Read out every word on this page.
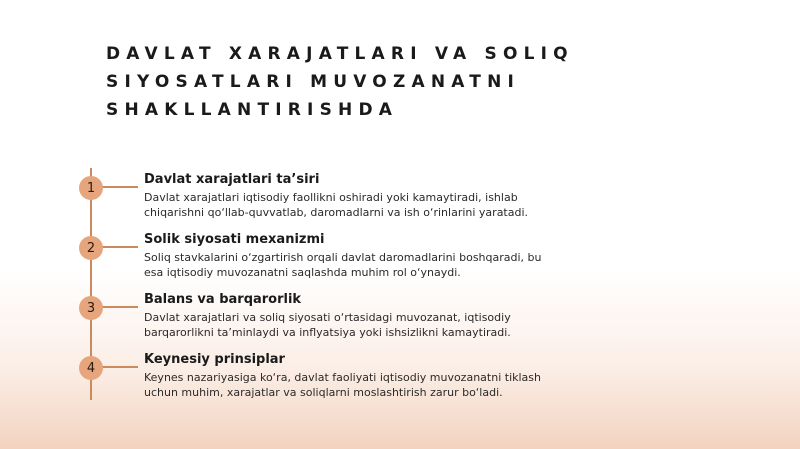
DAVLAT XARAJATLARI VA SOLIQ SIYOSATLARI MUVOZANATNI SHAKLLANTIRISHDA
1
Davlat xarajatlari ta’siri
Davlat xarajatlari iqtisodiy faollikni oshiradi yoki kamaytiradi, ishlab chiqarishni qo‘llab-quvvatlab, daromadlarni va ish o‘rinlarini yaratadi.
2
Solik siyosati mexanizmi
Soliq stavkalarini o‘zgartirish orqali davlat daromadlarini boshqaradi, bu esa iqtisodiy muvozanatni saqlashda muhim rol o‘ynaydi.
3
Balans va barqarorlik
Davlat xarajatlari va soliq siyosati o‘rtasidagi muvozanat, iqtisodiy barqarorlikni ta’minlaydi va inflyatsiya yoki ishsizlikni kamaytiradi.
4
Keynesiy prinsiplar
Keynes nazariyasiga ko‘ra, davlat faoliyati iqtisodiy muvozanatni tiklash uchun muhim, xarajatlar va soliqlarni moslashtirish zarur bo‘ladi.
